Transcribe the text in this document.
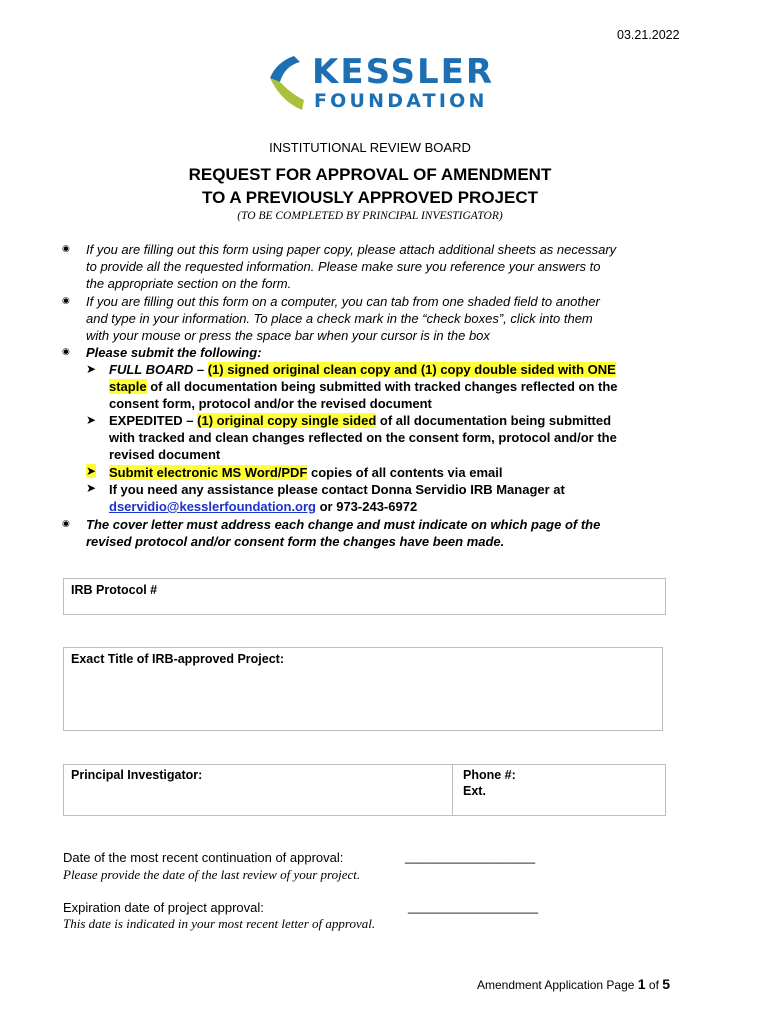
03.21.2022
KESSLER
FOUNDATION
INSTITUTIONAL REVIEW BOARD
REQUEST FOR APPROVAL OF AMENDMENT
TO A PREVIOUSLY APPROVED PROJECT
(TO BE COMPLETED BY PRINCIPAL INVESTIGATOR)
◉ If you are filling out this form using paper copy, please attach additional sheets as necessary
to provide all the requested information. Please make sure you reference your answers to
the appropriate section on the form.
◉ If you are filling out this form on a computer, you can tab from one shaded field to another
and type in your information. To place a check mark in the “check boxes”, click into them
with your mouse or press the space bar when your cursor is in the box
◉ Please submit the following:
➤ FULL BOARD – (1) signed original clean copy and (1) copy double sided with ONE
staple of all documentation being submitted with tracked changes reflected on the
consent form, protocol and/or the revised document
➤ EXPEDITED – (1) original copy single sided of all documentation being submitted
with tracked and clean changes reflected on the consent form, protocol and/or the
revised document
➤ Submit electronic MS Word/PDF copies of all contents via email
➤ If you need any assistance please contact Donna Servidio IRB Manager at
dservidio@kesslerfoundation.org or 973-243-6972
◉ The cover letter must address each change and must indicate on which page of the
revised protocol and/or consent form the changes have been made.
IRB Protocol #
Exact Title of IRB-approved Project:
Principal Investigator:	Phone #:
Ext.
Date of the most recent continuation of approval:	__________________
Please provide the date of the last review of your project.
Expiration date of project approval:	__________________
This date is indicated in your most recent letter of approval.
Amendment Application Page 1 of 5
